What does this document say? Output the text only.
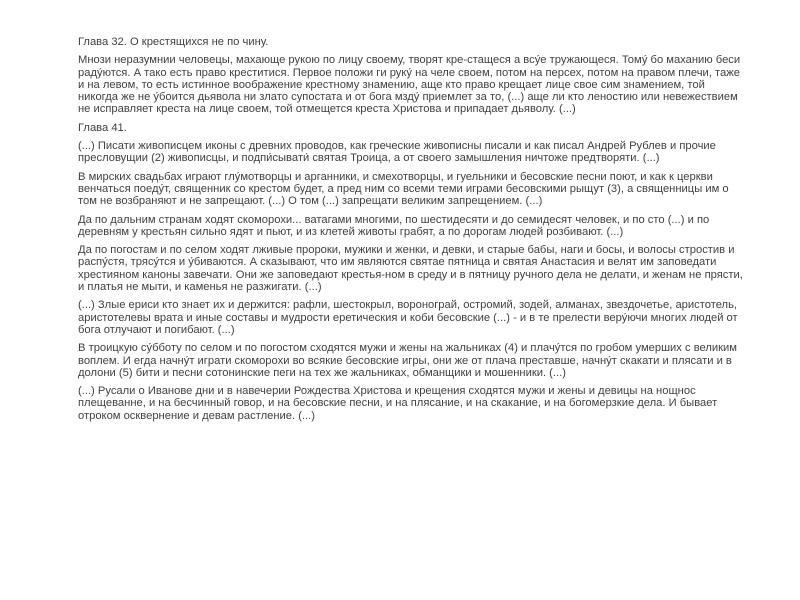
Глава 32. О крестящихся не по чину.

Мнози неразумнии человецы, махающе рукою по лицу своему, творят кре-стащеся а всу́е тружающеся. Тому́ бо маханию беси раду́ются. А тако есть право креститися. Первое положи ги руку́ на челе своем, потом на персех, потом на правом плечи, таже и на левом, то есть истинное воображение крестному знамению, аще кто право крещает лице свое сим знамением, той никогда же не у́боится дьявола ни злато супостата и от бога мзду́ приемлет за то, (...) аще ли кто леностию или невежествием не исправляет креста на лице своем, той отмещется креста Христова и припадает дьяволу. (...)

Глава 41.

(...) Писати живописцем иконы с древних проводов, как греческие живописны писали и как писал Андрей Рублев и прочие пресловущии (2) живописцы, и подпи́сывати́ святая Троица, а от своего замышления ничтоже предтворяти. (...)

В мирских свадьбах играют глу́мотворцы и арганники, и смехотворцы, и гуельники и бесовские песни поют, и как к церкви венчаться поеду́т, священник со крестом будет, а пред ним со всеми теми играми бесовскими рыщут (3), а священницы им о том не возбраняют и не запрещают. (...) О том (...) запрещати великим запрещением. (...)

Да по дальним странам ходят скоморохи... ватагами многими, по шестидесяти и до семидесят человек, и по сто (...) и по деревням у крестьян сильно ядят и пьют, и из клетей животы грабят, а по дорогам людей розбивают. (...)

Да по погостам и по селом ходят лживые пророки, мужики и женки, и девки, и старые бабы, наги и босы, и волосы стростив и распу́стя, трясу́тся и у́биваются. А сказывают, что им являются святае пятница и святая Анастасия и велят им заповедати хрестияном каноны завечати. Они же заповедают крестья-ном в среду и в пятницу ручного дела не делати, и женам не прясти, и платья не мыти, и каменья не разжигати. (...)

(...) Злые ериси кто знает их и держится: рафли, шестокрыл, воронограй, остромий, зодей, алманах, звездочетье, аристотель, аристотелевы врата и иные составы и мудрости еретическия и коби бесовские (...) - и в те прелести веру́ючи многих людей от бога отлучают и погибают. (...)

В троицкую су́бботу по селом и по погостом сходятся мужи и жены на жальниках (4) и плачу́тся по гробом умерших с великим воплем. И егда начну́т играти скоморохи во всякие бесовские игры, они же от плача преставше, начну́т скакати и плясати и в долони (5) бити и песни сотонинские пеги на тех же жальниках, обманщики и мошенники. (...)

(...) Русали о Иванове дни и в навечерии Рождества Христова и крещения сходятся мужи и жены и девицы на нощнос плещеванне, и на бесчинный говор, и на бесовские песни, и на плясание, и на скакание, и на богомерзкие дела. И бывает отроком осквернение и девам растление. (...)
